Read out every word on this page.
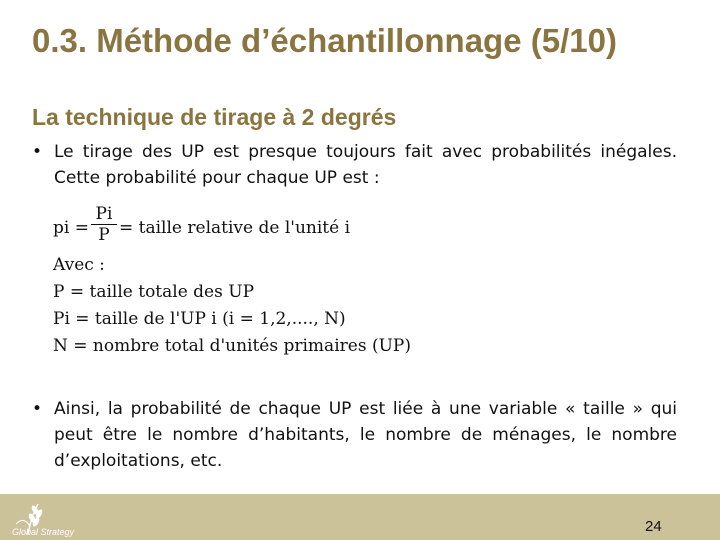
0.3. Méthode d’échantillonnage (5/10)
La technique de tirage à 2 degrés
• Le tirage des UP est presque toujours fait avec probabilités inégales. Cette probabilité pour chaque UP est :
pi =
Pi
P = taille relative de l'unité i
Avec :
P = taille totale des UP
Pi = taille de l'UP i (i = 1,2,...., N)
N = nombre total d'unités primaires (UP)
• Ainsi, la probabilité de chaque UP est liée à une variable « taille » qui peut être le nombre d’habitants, le nombre de ménages, le nombre d’exploitations, etc.
Global Strategy	24
